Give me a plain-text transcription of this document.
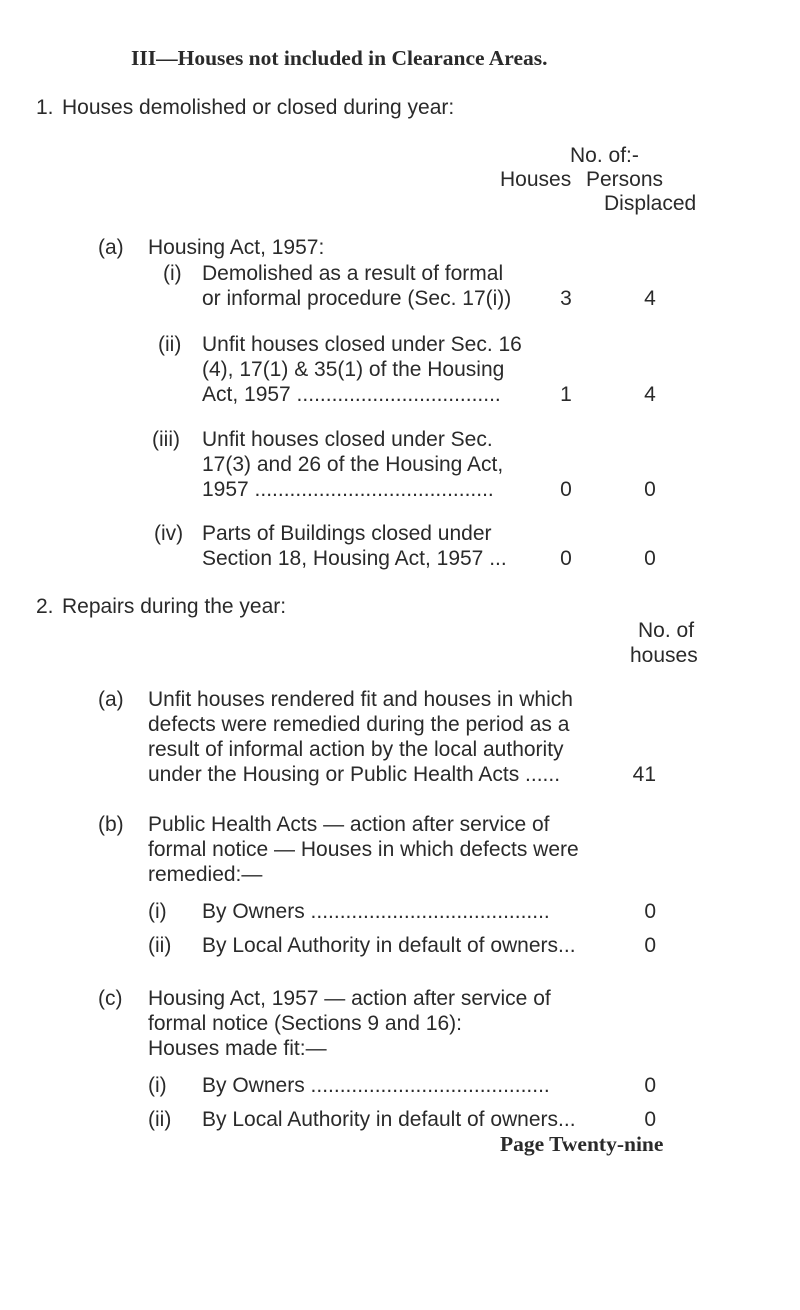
III—Houses not included in Clearance Areas.
1. Houses demolished or closed during year:
No. of:-
Houses Persons
Displaced
(a) Housing Act, 1957:
(i) Demolished as a result of formal
or informal procedure (Sec. 17(i)) 3	4
(ii) Unfit houses closed under Sec. 16
(4), 17(1) & 35(1) of the Housing
Act, 1957 ...................................	1	4
(iii) Unfit houses closed under Sec.
17(3) and 26 of the Housing Act,
1957 .........................................	0	0
(iv) Parts of Buildings closed under
Section 18, Housing Act, 1957 ...	0	0
2. Repairs during the year:
No. of
houses
(a) Unfit houses rendered fit and houses in which
defects were remedied during the period as a
result of informal action by the local authority
under the Housing or Public Health Acts ......	41
(b) Public Health Acts — action after service of
formal notice — Houses in which defects were
remedied:—
(i) By Owners .........................................	0
(ii) By Local Authority in default of owners...	0
(c) Housing Act, 1957 — action after service of
formal notice (Sections 9 and 16):
Houses made fit:—
(i) By Owners .........................................	0
(ii) By Local Authority in default of owners...	0
Page Twenty-nine
